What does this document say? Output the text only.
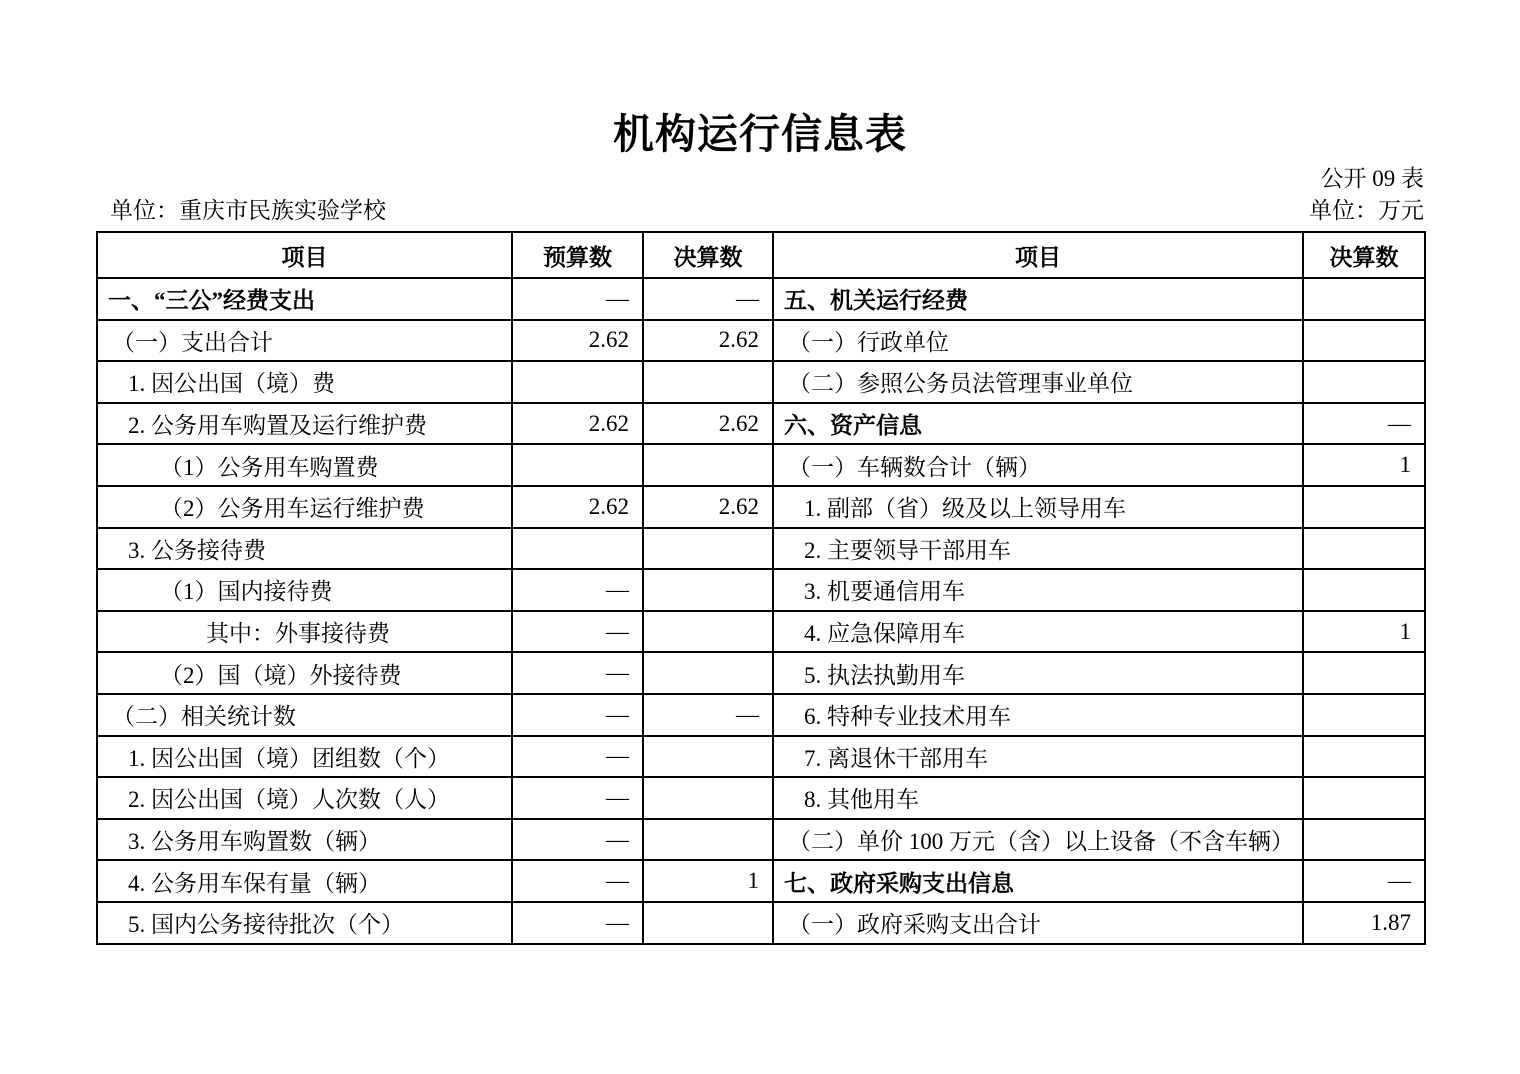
机构运行信息表
公开 09 表
单位：重庆市民族实验学校	单位：万元
项目	预算数	决算数	项目	决算数
一、“三公”经费支出	—	—	五、机关运行经费	
（一）支出合计	2.62	2.62	（一）行政单位	
1. 因公出国（境）费			（二）参照公务员法管理事业单位	
2. 公务用车购置及运行维护费	2.62	2.62	六、资产信息	—
（1）公务用车购置费			（一）车辆数合计（辆）	1
（2）公务用车运行维护费	2.62	2.62	1. 副部（省）级及以上领导用车	
3. 公务接待费			2. 主要领导干部用车	
（1）国内接待费	—		3. 机要通信用车	
其中：外事接待费	—		4. 应急保障用车	1
（2）国（境）外接待费	—		5. 执法执勤用车	
（二）相关统计数	—	—	6. 特种专业技术用车	
1. 因公出国（境）团组数（个）	—		7. 离退休干部用车	
2. 因公出国（境）人次数（人）	—		8. 其他用车	
3. 公务用车购置数（辆）	—		（二）单价 100 万元（含）以上设备（不含车辆）	
4. 公务用车保有量（辆）	—	1	七、政府采购支出信息	—
5. 国内公务接待批次（个）	—		（一）政府采购支出合计	1.87
